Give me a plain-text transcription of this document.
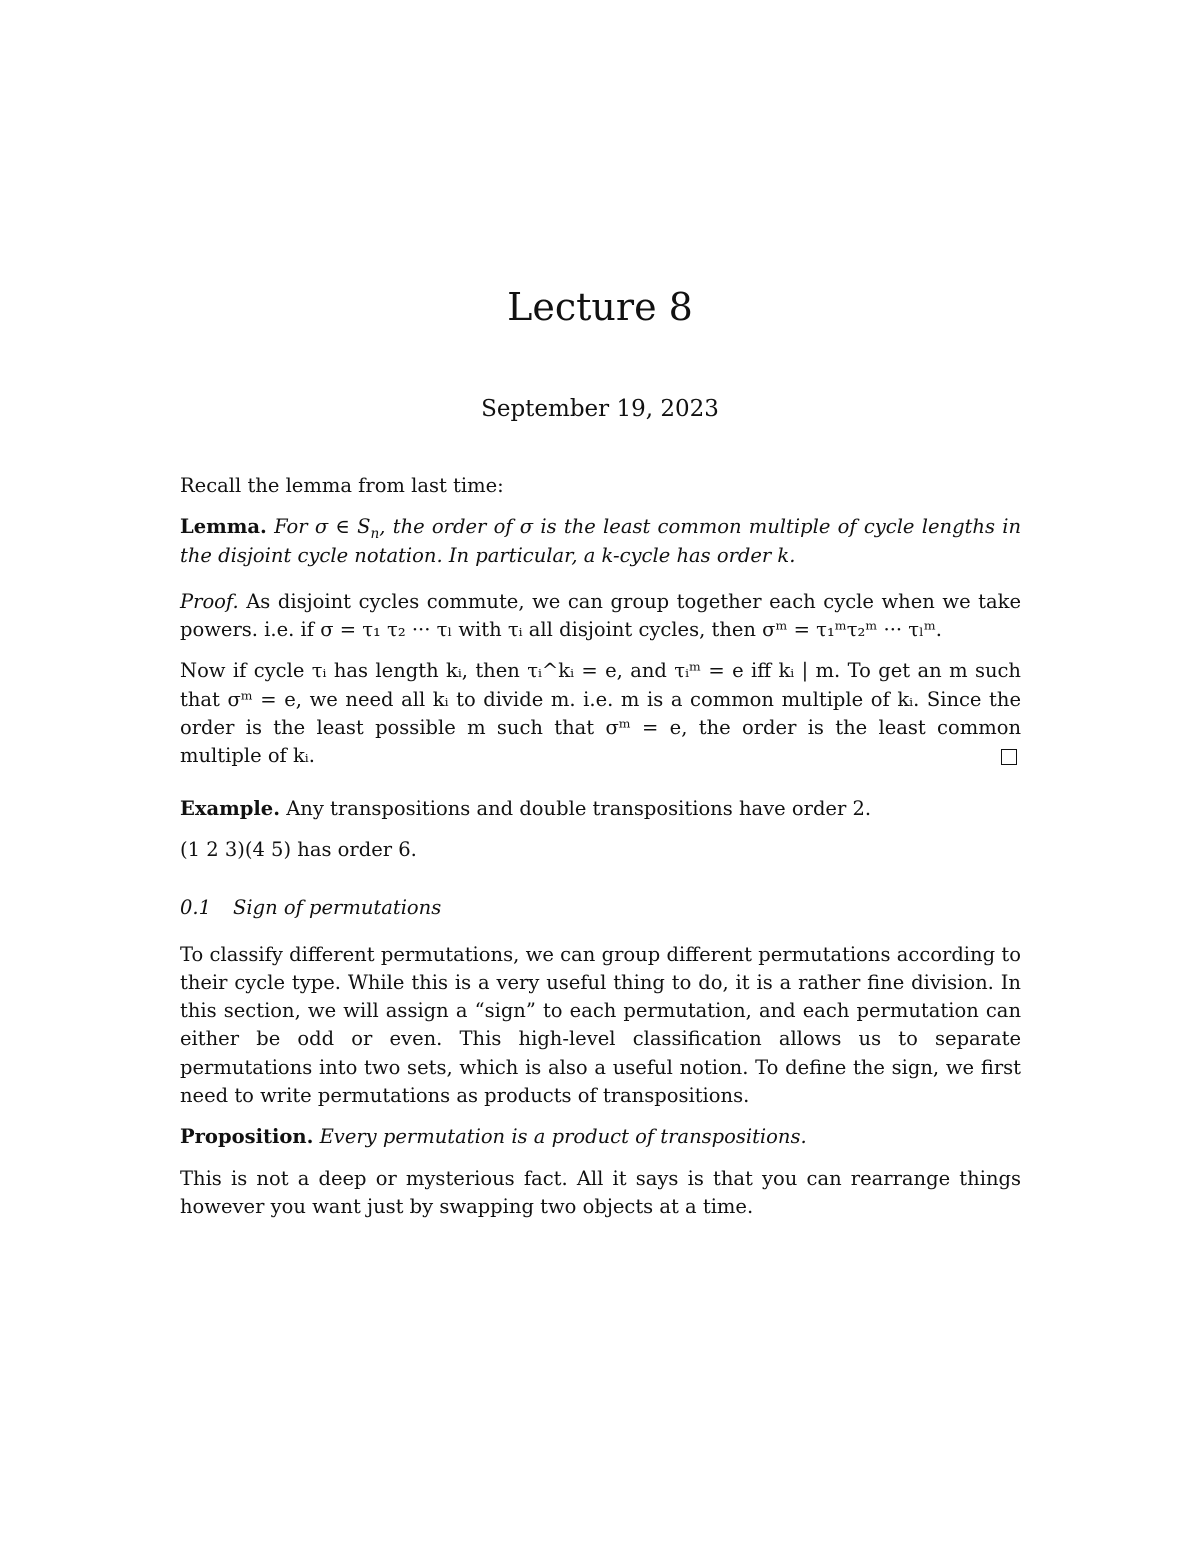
Lecture 8
September 19, 2023

Recall the lemma from last time:

Lemma. For σ ∈ $S_n$, the order of σ is the least common multiple of cycle lengths in the disjoint cycle notation. In particular, a k-cycle has order k.

Proof. As disjoint cycles commute, we can group together each cycle when we take powers. i.e. if σ = τ₁ τ₂ ··· τₗ with τᵢ all disjoint cycles, then σᵐ = τ₁ᵐτ₂ᵐ ··· τₗᵐ.

Now if cycle τᵢ has length kᵢ, then τᵢ^kᵢ = e, and τᵢᵐ = e iff kᵢ | m. To get an m such that σᵐ = e, we need all kᵢ to divide m. i.e. m is a common multiple of kᵢ. Since the order is the least possible m such that σᵐ = e, the order is the least common multiple of kᵢ.

Example. Any transpositions and double transpositions have order 2.

(1 2 3)(4 5) has order 6.

0.1 Sign of permutations

To classify different permutations, we can group different permutations according to their cycle type. While this is a very useful thing to do, it is a rather fine division. In this section, we will assign a “sign” to each permutation, and each permutation can either be odd or even. This high-level classification allows us to separate permutations into two sets, which is also a useful notion. To define the sign, we first need to write permutations as products of transpositions.

Proposition. Every permutation is a product of transpositions.

This is not a deep or mysterious fact. All it says is that you can rearrange things however you want just by swapping two objects at a time.
